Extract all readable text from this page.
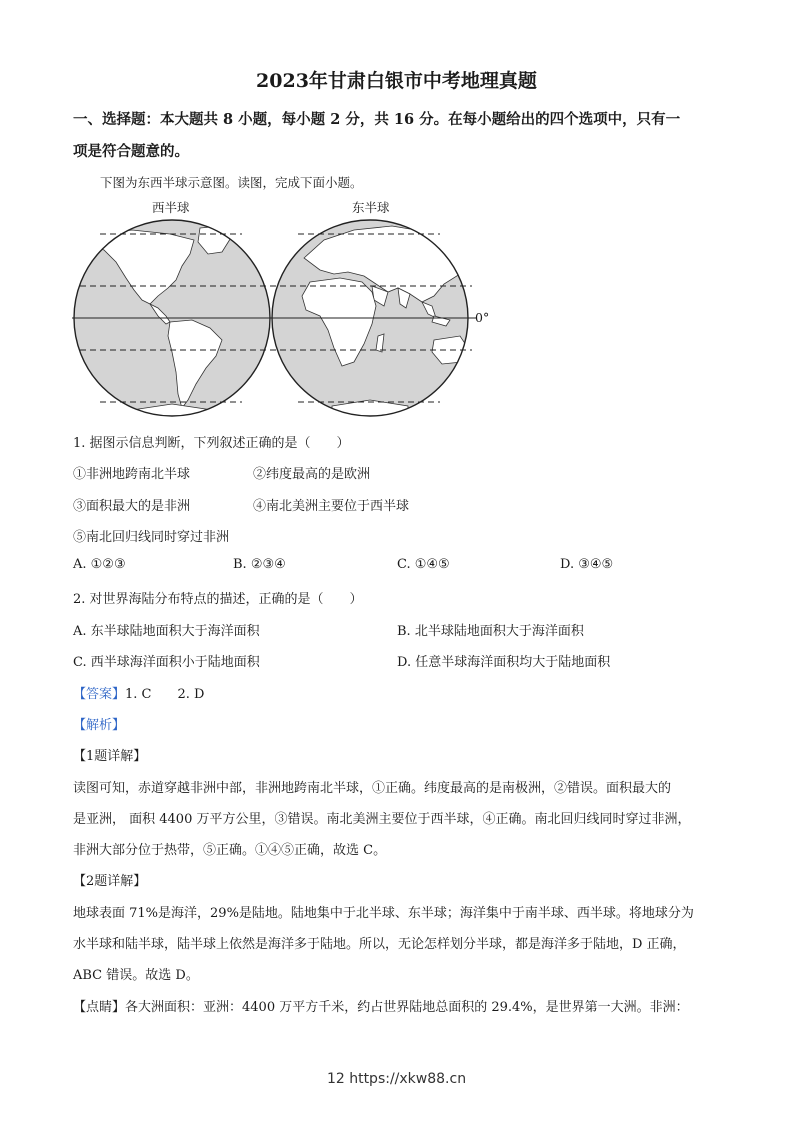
2023年甘肃白银市中考地理真题
一、选择题：本大题共 8 小题，每小题 2 分，共 16 分。在每小题给出的四个选项中，只有一
项是符合题意的。
下图为东西半球示意图。读图，完成下面小题。
西半球	东半球
0°
1. 据图示信息判断，下列叙述正确的是（　　）
①非洲地跨南北半球	②纬度最高的是欧洲
③面积最大的是非洲	④南北美洲主要位于西半球
⑤南北回归线同时穿过非洲
A. ①②③	B. ②③④	C. ①④⑤	D. ③④⑤
2. 对世界海陆分布特点的描述，正确的是（　　）
A. 东半球陆地面积大于海洋面积	B. 北半球陆地面积大于海洋面积
C. 西半球海洋面积小于陆地面积	D. 任意半球海洋面积均大于陆地面积
【答案】1. C　　2. D
【解析】
【1题详解】
读图可知，赤道穿越非洲中部，非洲地跨南北半球，①正确。纬度最高的是南极洲，②错误。面积最大的
是亚洲， 面积 4400 万平方公里，③错误。南北美洲主要位于西半球，④正确。南北回归线同时穿过非洲，
非洲大部分位于热带，⑤正确。①④⑤正确，故选 C。
【2题详解】
地球表面 71%是海洋，29%是陆地。陆地集中于北半球、东半球；海洋集中于南半球、西半球。将地球分为
水半球和陆半球，陆半球上依然是海洋多于陆地。所以，无论怎样划分半球，都是海洋多于陆地，D 正确，
ABC 错误。故选 D。
【点睛】各大洲面积：亚洲：4400 万平方千米，约占世界陆地总面积的 29.4%，是世界第一大洲。非洲：
12 https://xkw88.cn
